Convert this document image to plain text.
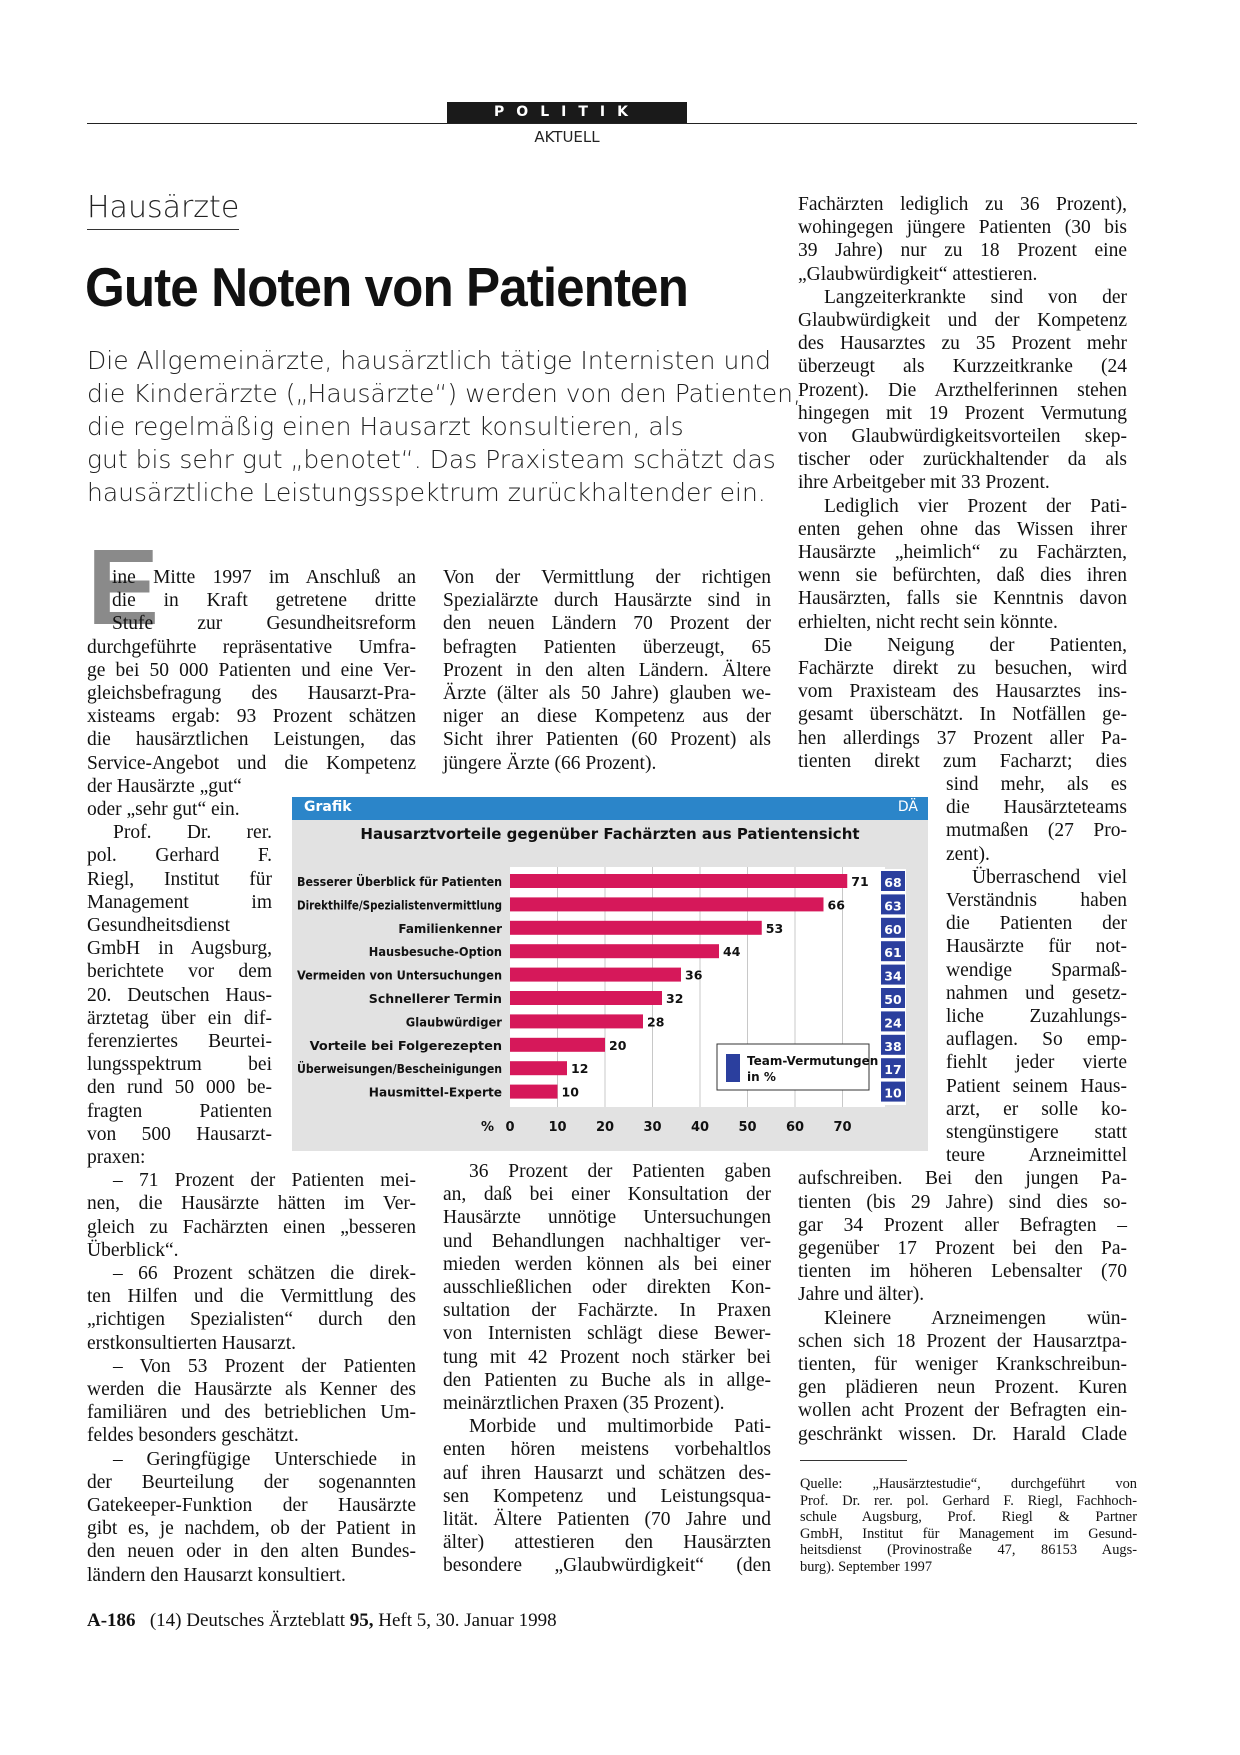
POLITIK
AKTUELL
Hausärzte
Gute Noten von Patienten
Die Allgemeinärzte, hausärztlich tätige Internisten und
die Kinderärzte („Hausärzte“) werden von den Patienten,
die regelmäßig einen Hausarzt konsultieren, als
gut bis sehr gut „benotet“. Das Praxisteam schätzt das
hausärztliche Leistungsspektrum zurückhaltender ein.
E
ine Mitte 1997 im Anschluß an
die in Kraft getretene dritte
Stufe zur Gesundheitsreform
durchgeführte repräsentative Umfra-
ge bei 50 000 Patienten und eine Ver-
gleichsbefragung des Hausarzt-Pra-
xisteams ergab: 93 Prozent schätzen
die hausärztlichen Leistungen, das
Service-Angebot und die Kompetenz
der Hausärzte „gut“
oder „sehr gut“ ein.
Prof. Dr. rer.
pol. Gerhard F.
Riegl, Institut für
Management im
Gesundheitsdienst
GmbH in Augsburg,
berichtete vor dem
20. Deutschen Haus-
ärztetag über ein dif-
ferenziertes Beurtei-
lungsspektrum bei
den rund 50 000 be-
fragten Patienten
von 500 Hausarzt-
praxen:
– 71 Prozent der Patienten mei-
nen, die Hausärzte hätten im Ver-
gleich zu Fachärzten einen „besseren
Überblick“.
– 66 Prozent schätzen die direk-
ten Hilfen und die Vermittlung des
„richtigen Spezialisten“ durch den
erstkonsultierten Hausarzt.
– Von 53 Prozent der Patienten
werden die Hausärzte als Kenner des
familiären und des betrieblichen Um-
feldes besonders geschätzt.
– Geringfügige Unterschiede in
der Beurteilung der sogenannten
Gatekeeper-Funktion der Hausärzte
gibt es, je nachdem, ob der Patient in
den neuen oder in den alten Bundes-
ländern den Hausarzt konsultiert.
Von der Vermittlung der richtigen
Spezialärzte durch Hausärzte sind in
den neuen Ländern 70 Prozent der
befragten Patienten überzeugt, 65
Prozent in den alten Ländern. Ältere
Ärzte (älter als 50 Jahre) glauben we-
niger an diese Kompetenz aus der
Sicht ihrer Patienten (60 Prozent) als
jüngere Ärzte (66 Prozent).
36 Prozent der Patienten gaben
an, daß bei einer Konsultation der
Hausärzte unnötige Untersuchungen
und Behandlungen nachhaltiger ver-
mieden werden können als bei einer
ausschließlichen oder direkten Kon-
sultation der Fachärzte. In Praxen
von Internisten schlägt diese Bewer-
tung mit 42 Prozent noch stärker bei
den Patienten zu Buche als in allge-
meinärztlichen Praxen (35 Prozent).
Morbide und multimorbide Pati-
enten hören meistens vorbehaltlos
auf ihren Hausarzt und schätzen des-
sen Kompetenz und Leistungsqua-
lität. Ältere Patienten (70 Jahre und
älter) attestieren den Hausärzten
besondere „Glaubwürdigkeit“ (den
Fachärzten lediglich zu 36 Prozent),
wohingegen jüngere Patienten (30 bis
39 Jahre) nur zu 18 Prozent eine
„Glaubwürdigkeit“ attestieren.
Langzeiterkrankte sind von der
Glaubwürdigkeit und der Kompetenz
des Hausarztes zu 35 Prozent mehr
überzeugt als Kurzzeitkranke (24
Prozent). Die Arzthelferinnen stehen
hingegen mit 19 Prozent Vermutung
von Glaubwürdigkeitsvorteilen skep-
tischer oder zurückhaltender da als
ihre Arbeitgeber mit 33 Prozent.
Lediglich vier Prozent der Pati-
enten gehen ohne das Wissen ihrer
Hausärzte „heimlich“ zu Fachärzten,
wenn sie befürchten, daß dies ihren
Hausärzten, falls sie Kenntnis davon
erhielten, nicht recht sein könnte.
Die Neigung der Patienten,
Fachärzte direkt zu besuchen, wird
vom Praxisteam des Hausarztes ins-
gesamt überschätzt. In Notfällen ge-
hen allerdings 37 Prozent aller Pa-
tienten direkt zum Facharzt; dies
sind mehr, als es
die Hausärzteteams
mutmaßen (27 Pro-
zent).
Überraschend viel
Verständnis haben
die Patienten der
Hausärzte für not-
wendige Sparmaß-
nahmen und gesetz-
liche Zuzahlungs-
auflagen. So emp-
fiehlt jeder vierte
Patient seinem Haus-
arzt, er solle ko-
stengünstigere statt
teure Arzneimittel
aufschreiben. Bei den jungen Pa-
tienten (bis 29 Jahre) sind dies so-
gar 34 Prozent aller Befragten –
gegenüber 17 Prozent bei den Pa-
tienten im höheren Lebensalter (70
Jahre und älter).
Kleinere Arzneimengen wün-
schen sich 18 Prozent der Hausarztpa-
tienten, für weniger Krankschreibun-
gen plädieren neun Prozent. Kuren
wollen acht Prozent der Befragten ein-
geschränkt wissen. Dr. Harald Clade
Grafik	DÄ
Hausarztvorteile gegenüber Fachärzten aus Patientensicht
Besserer Überblick für Patienten	71 68
Direkthilfe/Spezialistenvermittlung	66	63
Familienkenner	53	60
Hausbesuche-Option	44	61
Vermeiden von Untersuchungen	36	34
Schnellerer Termin	32	50
Glaubwürdiger	28	24
Vorteile bei Folgerezepten	20	38
Überweisungen/Bescheinigungen	12	17
Hausmittel-Experte	10	10
Team-Vermutungen
in %
% 0	10 20 30 40 50 60 70
Quelle: „Hausärztestudie“, durchgeführt von
Prof. Dr. rer. pol. Gerhard F. Riegl, Fachhoch-
schule Augsburg, Prof. Riegl & Partner
GmbH, Institut für Management im Gesund-
heitsdienst (Provinostraße 47, 86153 Augs-
burg). September 1997
A-186 (14) Deutsches Ärzteblatt 95, Heft 5, 30. Januar 1998
